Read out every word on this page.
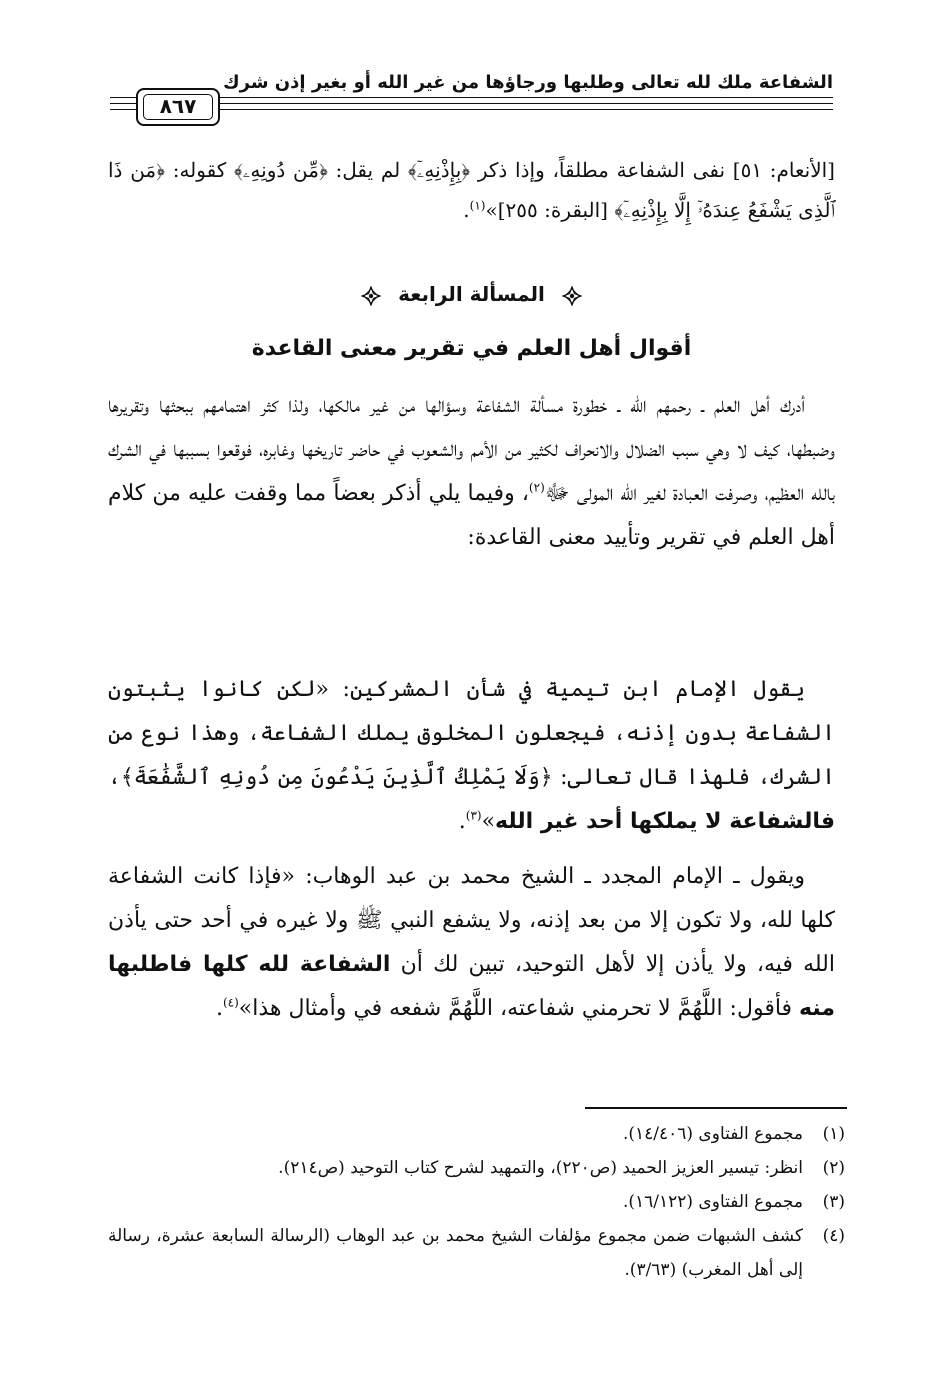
الشفاعة ملك لله تعالى وطلبها ورجاؤها من غير الله أو بغير إذن شرك
٨٦٧

[الأنعام: ٥١] نفى الشفاعة مطلقاً، وإذا ذكر ﴿بِإِذْنِهِۦٓ﴾ لم يقل: ﴿مِّن دُونِهِۦ﴾ كقوله: ﴿مَن ذَا ٱلَّذِى يَشْفَعُ عِندَهُۥٓ إِلَّا بِإِذْنِهِۦٓ﴾ [البقرة: ٢٥٥]»$^{(١)}$.

المسألة الرابعة
أقوال أهل العلم في تقرير معنى القاعدة

أدرك أهل العلم ـ رحمهم الله ـ خطورة مسألة الشفاعة وسؤالها من غير مالكها، ولذا كثر اهتمامهم ببحثها وتقريرها وضبطها، كيف لا وهي سبب الضلال والانحراف لكثير من الأمم والشعوب في حاضر تاريخها وغابره، فوقعوا بسببها في الشرك بالله العظيم، وصرفت العبادة لغير الله المولى ﷻ$^{(٢)}$، وفيما يلي أذكر بعضاً مما وقفت عليه من كلام أهل العلم في تقرير وتأييد معنى القاعدة:

يقول الإمام ابن تيمية في شأن المشركين: «لكن كانوا يثبتون الشفاعة بدون إذنه، فيجعلون المخلوق يملك الشفاعة، وهذا نوع من الشرك، فلهذا قال تعالى: ﴿وَلَا يَمْلِكُ ٱلَّذِينَ يَدْعُونَ مِن دُونِهِ ٱلشَّفَٰعَةَ﴾، فالشفاعة لا يملكها أحد غير الله»$^{(٣)}$.

ويقول ـ الإمام المجدد ـ الشيخ محمد بن عبد الوهاب: «فإذا كانت الشفاعة كلها لله، ولا تكون إلا من بعد إذنه، ولا يشفع النبي ﷺ ولا غيره في أحد حتى يأذن الله فيه، ولا يأذن إلا لأهل التوحيد، تبين لك أن الشفاعة لله كلها فاطلبها منه فأقول: اللَّهُمَّ لا تحرمني شفاعته، اللَّهُمَّ شفعه في وأمثال هذا»$^{(٤)}$.

(١)
مجموع الفتاوى (١٤/٤٠٦).
(٢)
انظر: تيسير العزيز الحميد (ص٢٢٠)، والتمهيد لشرح كتاب التوحيد (ص٢١٤).
(٣)
مجموع الفتاوى (١٦/١٢٢).
(٤)
كشف الشبهات ضمن مجموع مؤلفات الشيخ محمد بن عبد الوهاب (الرسالة السابعة عشرة، رسالة إلى أهل المغرب) (٣/٦٣).
